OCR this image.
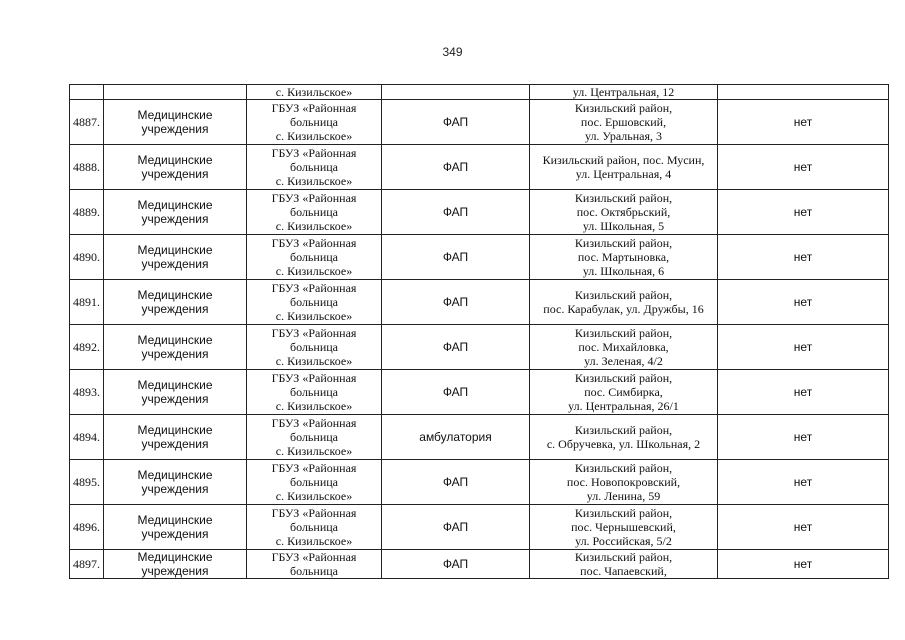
349

		с. Кизильское»		ул. Центральная, 12	

4887.	Медицинские
учреждения	ГБУЗ «Районная
больница
с. Кизильское»	ФАП	Кизильский район,
пос. Ершовский,
ул. Уральная, 3	нет
4888.	Медицинские
учреждения	ГБУЗ «Районная
больница
с. Кизильское»	ФАП	Кизильский район, пос. Мусин,
ул. Центральная, 4	нет
4889.	Медицинские
учреждения	ГБУЗ «Районная
больница
с. Кизильское»	ФАП	Кизильский район,
пос. Октябрьский,
ул. Школьная, 5	нет
4890.	Медицинские
учреждения	ГБУЗ «Районная
больница
с. Кизильское»	ФАП	Кизильский район,
пос. Мартыновка,
ул. Школьная, 6	нет
4891.	Медицинские
учреждения	ГБУЗ «Районная
больница
с. Кизильское»	ФАП	Кизильский район,
пос. Карабулак, ул. Дружбы, 16	нет
4892.	Медицинские
учреждения	ГБУЗ «Районная
больница
с. Кизильское»	ФАП	Кизильский район,
пос. Михайловка,
ул. Зеленая, 4/2	нет
4893.	Медицинские
учреждения	ГБУЗ «Районная
больница
с. Кизильское»	ФАП	Кизильский район,
пос. Симбирка,
ул. Центральная, 26/1	нет
4894.	Медицинские
учреждения	ГБУЗ «Районная
больница
с. Кизильское»	амбулатория	Кизильский район,
с. Обручевка, ул. Школьная, 2	нет
4895.	Медицинские
учреждения	ГБУЗ «Районная
больница
с. Кизильское»	ФАП	Кизильский район,
пос. Новопокровский,
ул. Ленина, 59	нет
4896.	Медицинские
учреждения	ГБУЗ «Районная
больница
с. Кизильское»	ФАП	Кизильский район,
пос. Чернышевский,
ул. Российская, 5/2	нет
4897.	Медицинские
учреждения	ГБУЗ «Районная
больница	ФАП	Кизильский район,
пос. Чапаевский,	нет
